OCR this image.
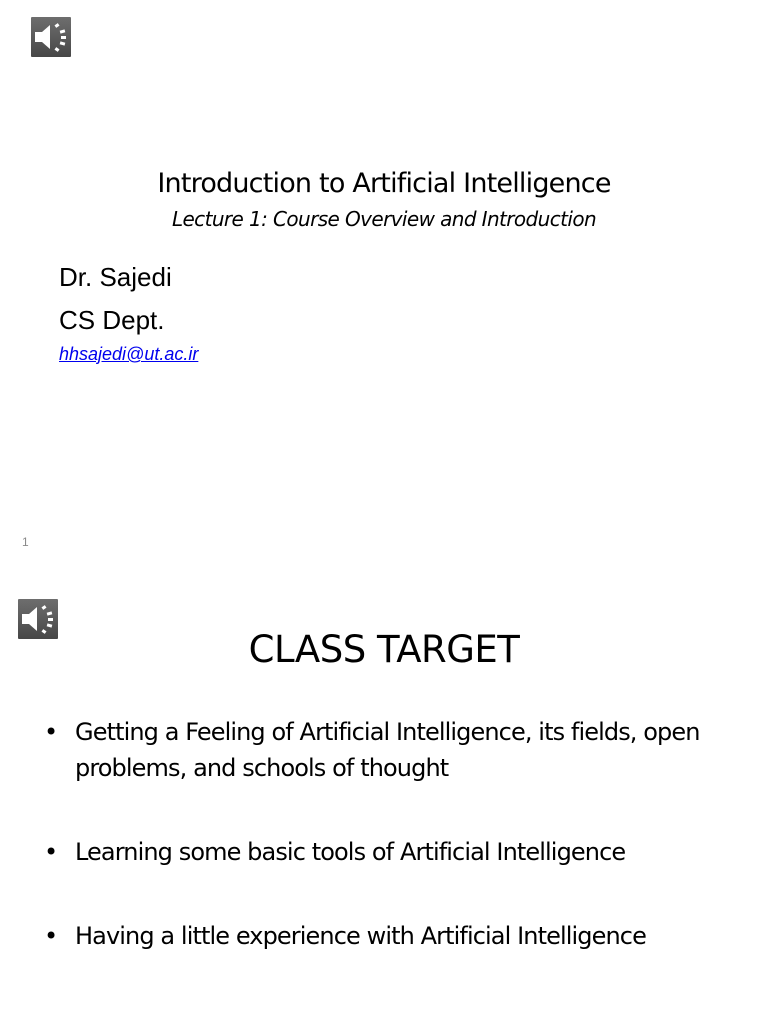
Introduction to Artificial Intelligence
Lecture 1: Course Overview and Introduction
Dr. Sajedi
CS Dept.
hhsajedi@ut.ac.ir
1
CLASS TARGET
• Getting a Feeling of Artificial Intelligence, its fields, open problems, and schools of thought
• Learning some basic tools of Artificial Intelligence
• Having a little experience with Artificial Intelligence
